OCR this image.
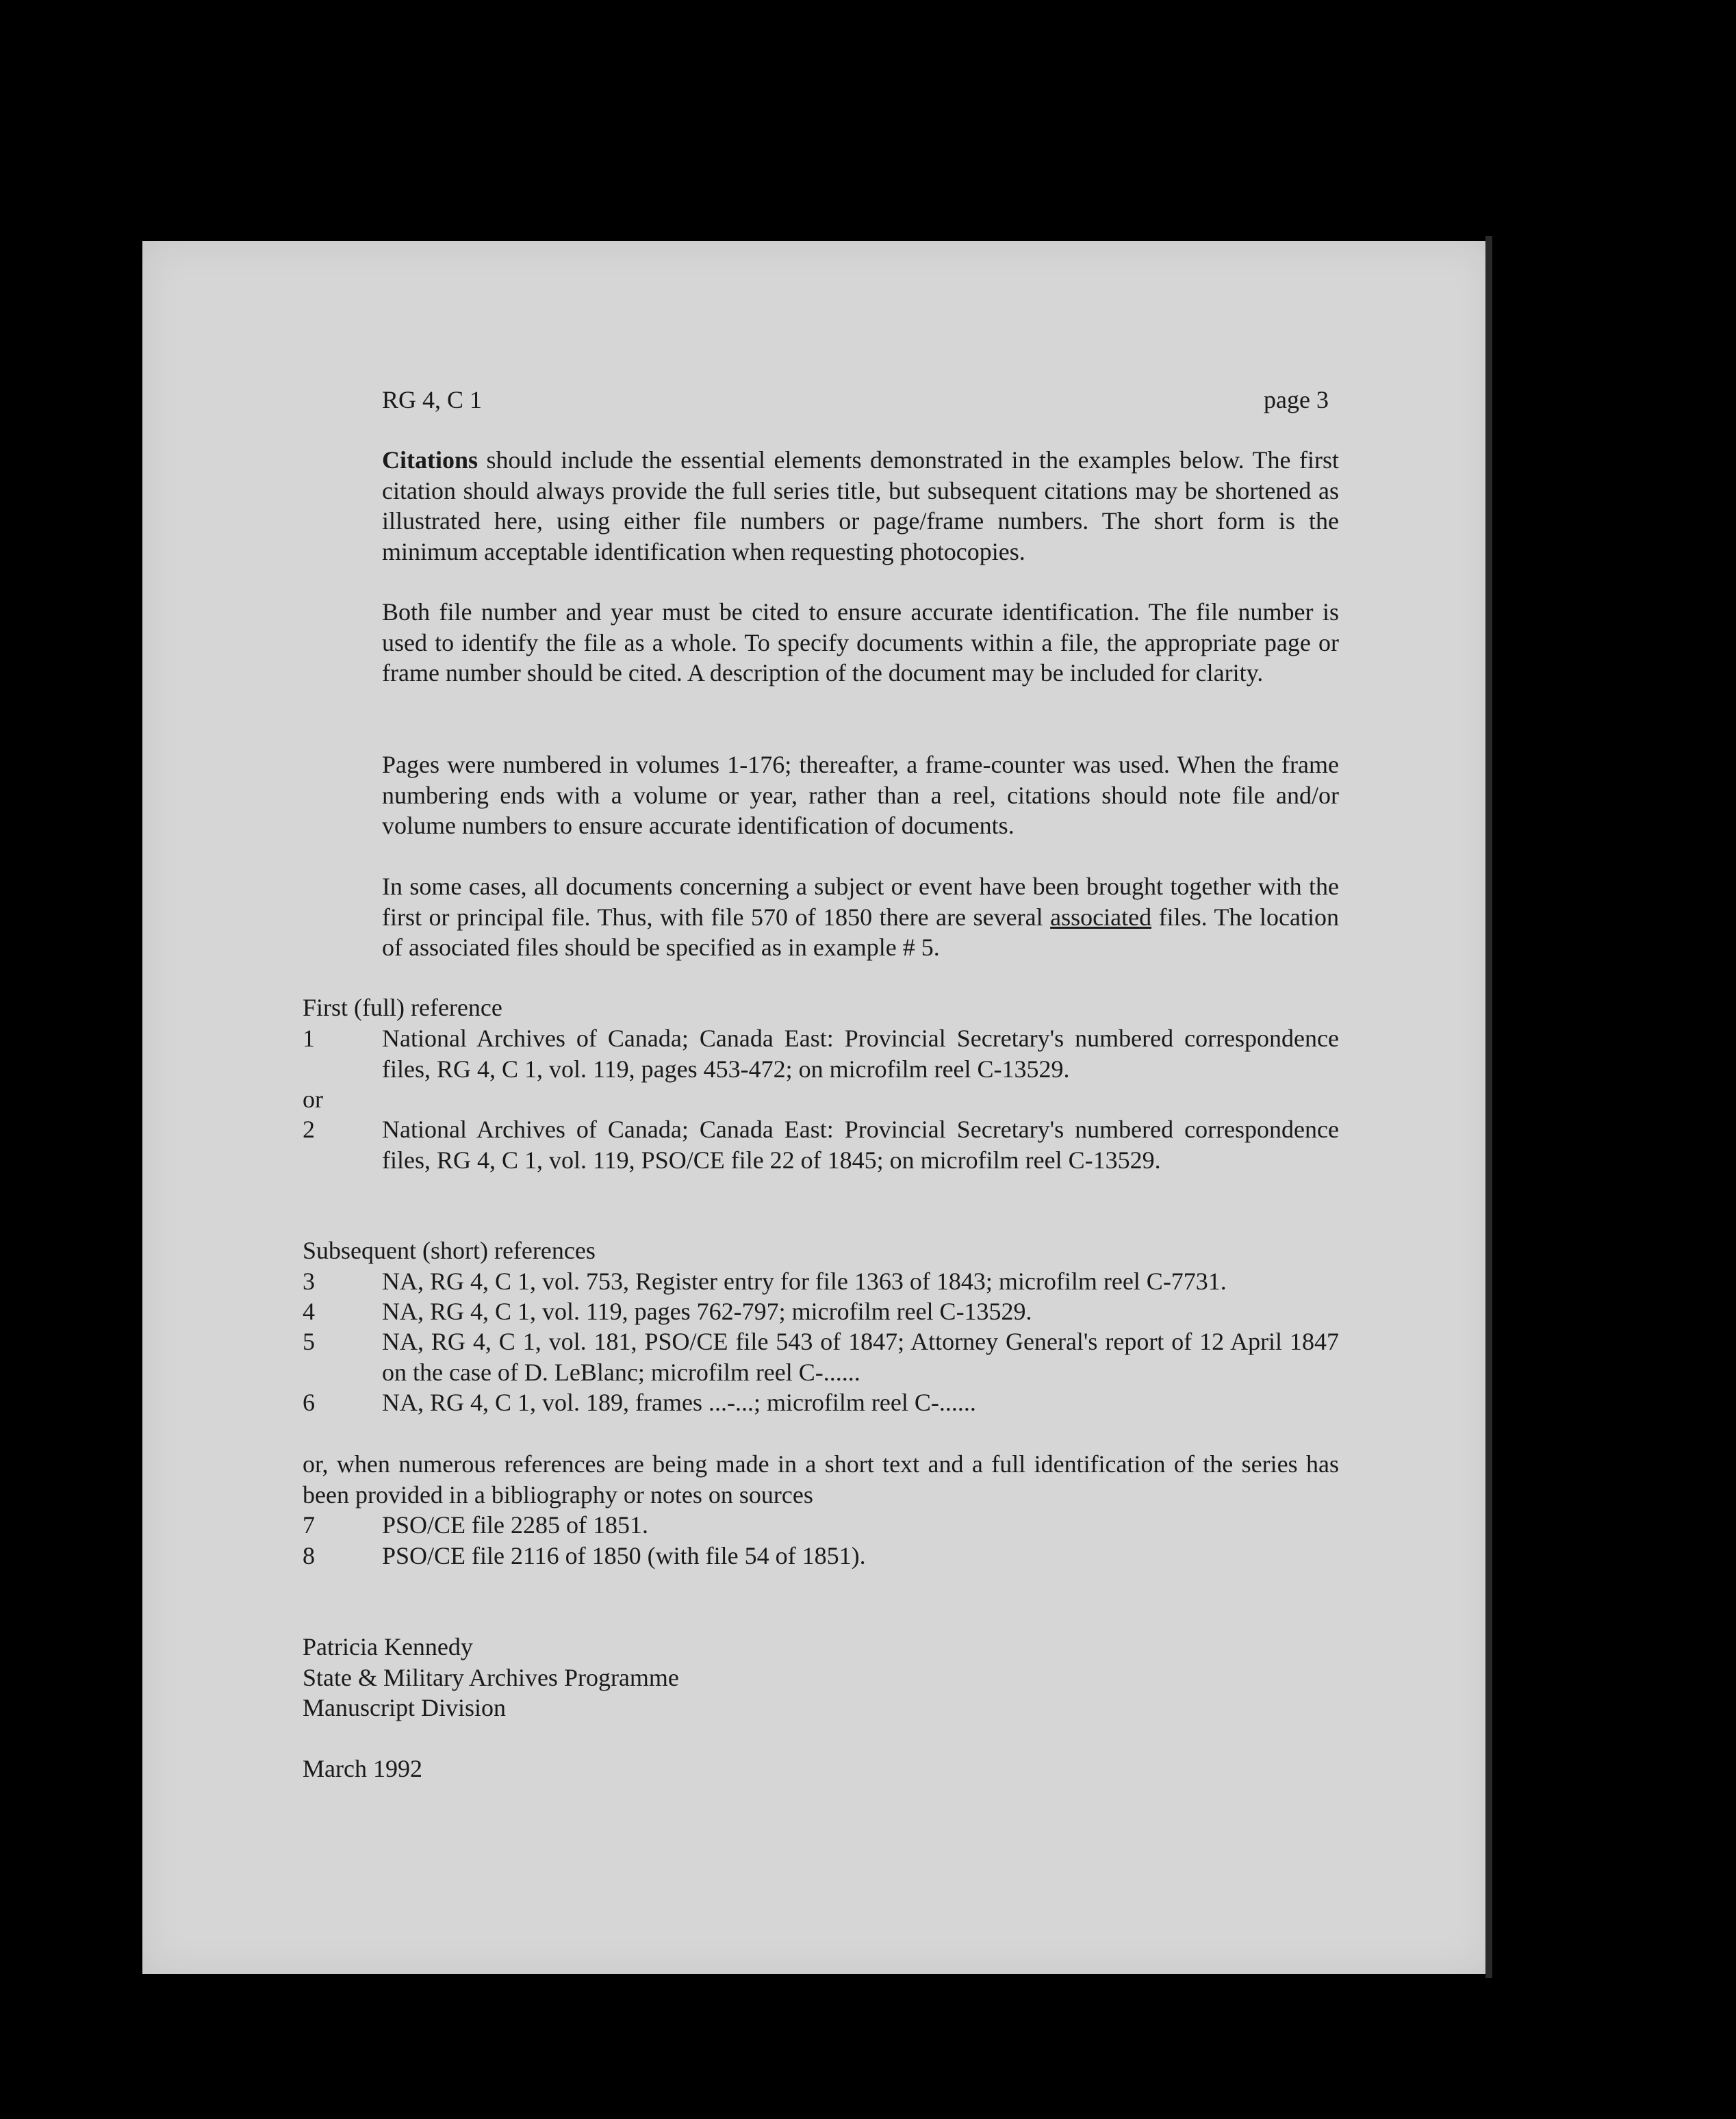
RG 4, C 1	page 3
Citations should include the essential elements demonstrated in the examples below. The first citation should always provide the full series title, but subsequent citations may be shortened as illustrated here, using either file numbers or page/frame numbers. The short form is the minimum acceptable identification when requesting photocopies.
Both file number and year must be cited to ensure accurate identification. The file number is used to identify the file as a whole. To specify documents within a file, the appropriate page or frame number should be cited. A description of the document may be included for clarity.
Pages were numbered in volumes 1-176; thereafter, a frame-counter was used. When the frame numbering ends with a volume or year, rather than a reel, citations should note file and/or volume numbers to ensure accurate identification of documents.
In some cases, all documents concerning a subject or event have been brought together with the first or principal file. Thus, with file 570 of 1850 there are several associated files. The location of associated files should be specified as in example # 5.
First (full) reference
1	National Archives of Canada; Canada East: Provincial Secretary's numbered correspondence files, RG 4, C 1, vol. 119, pages 453-472; on microfilm reel C-13529.
or
2	National Archives of Canada; Canada East: Provincial Secretary's numbered correspondence files, RG 4, C 1, vol. 119, PSO/CE file 22 of 1845; on microfilm reel C-13529.
Subsequent (short) references
3	NA, RG 4, C 1, vol. 753, Register entry for file 1363 of 1843; microfilm reel C-7731.
4	NA, RG 4, C 1, vol. 119, pages 762-797; microfilm reel C-13529.
5	NA, RG 4, C 1, vol. 181, PSO/CE file 543 of 1847; Attorney General's report of 12 April 1847 on the case of D. LeBlanc; microfilm reel C-......
6	NA, RG 4, C 1, vol. 189, frames ...-...; microfilm reel C-......
or, when numerous references are being made in a short text and a full identification of the series has been provided in a bibliography or notes on sources
7	PSO/CE file 2285 of 1851.
8	PSO/CE file 2116 of 1850 (with file 54 of 1851).
Patricia Kennedy
State & Military Archives Programme
Manuscript Division
March 1992
